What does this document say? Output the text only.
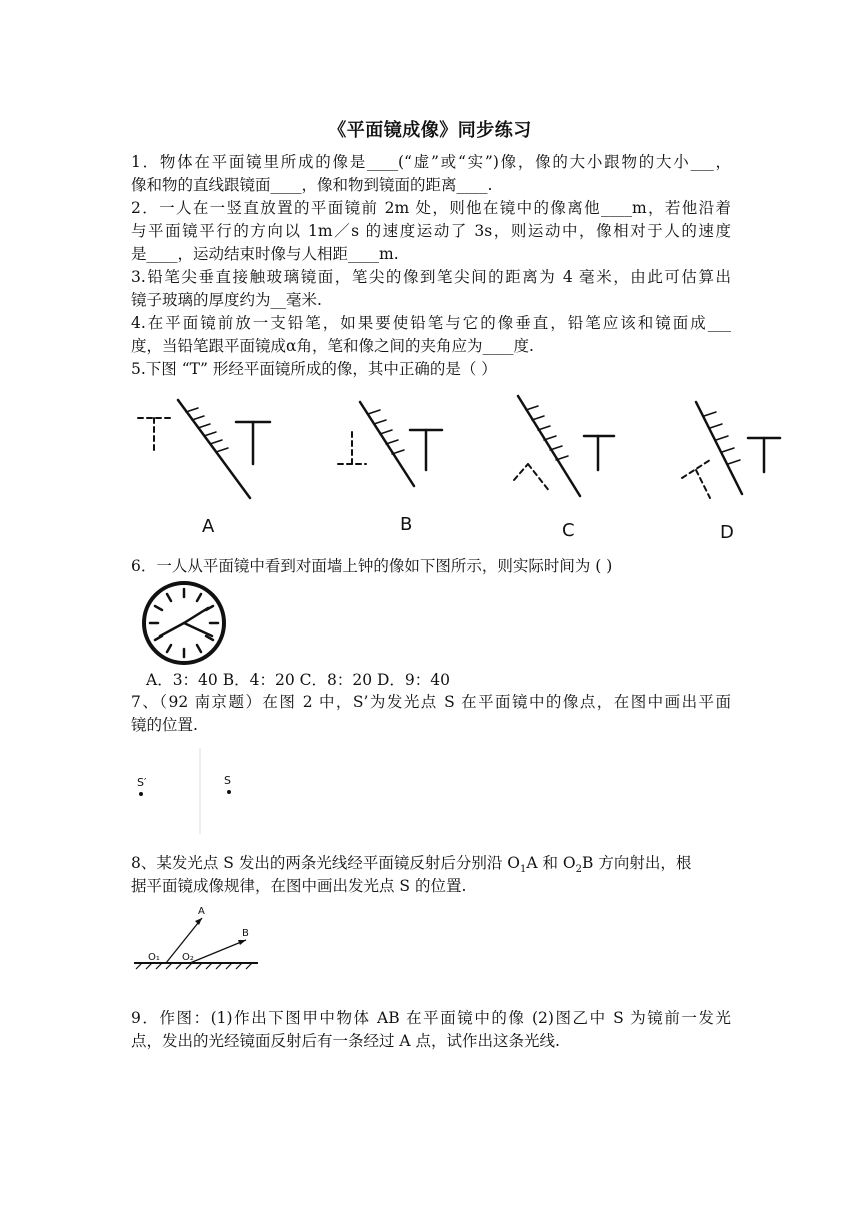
《平面镜成像》同步练习
1．物体在平面镜里所成的像是____(“虚”或“实”)像，像的大小跟物的大小___，
像和物的直线跟镜面____，像和物到镜面的距离____.
2．一人在一竖直放置的平面镜前 2m 处，则他在镜中的像离他____m，若他沿着
与平面镜平行的方向以 1m／s 的速度运动了 3s，则运动中，像相对于人的速度
是____，运动结束时像与人相距____m.
3.铅笔尖垂直接触玻璃镜面，笔尖的像到笔尖间的距离为 4 毫米，由此可估算出
镜子玻璃的厚度约为__毫米.
4.在平面镜前放一支铅笔，如果要使铅笔与它的像垂直，铅笔应该和镜面成___
度，当铅笔跟平面镜成α角，笔和像之间的夹角应为____度.
5.下图 “T” 形经平面镜所成的像，其中正确的是（ ）
A	B	C	D
6．一人从平面镜中看到对面墙上钟的像如下图所示，则实际时间为 ( )
A．3：40 B．4：20 C．8：20 D．9：40
7、（92 南京题）在图 2 中，S’为发光点 S 在平面镜中的像点，在图中画出平面
镜的位置.
S′	S
8、某发光点 S 发出的两条光线经平面镜反射后分别沿 $O_1A$ 和 $O_2B$ 方向射出，根
据平面镜成像规律，在图中画出发光点 S 的位置.
A
B
O₁ O₂
9．作图：(1)作出下图甲中物体 AB 在平面镜中的像 (2)图乙中 S 为镜前一发光
点，发出的光经镜面反射后有一条经过 A 点，试作出这条光线.
